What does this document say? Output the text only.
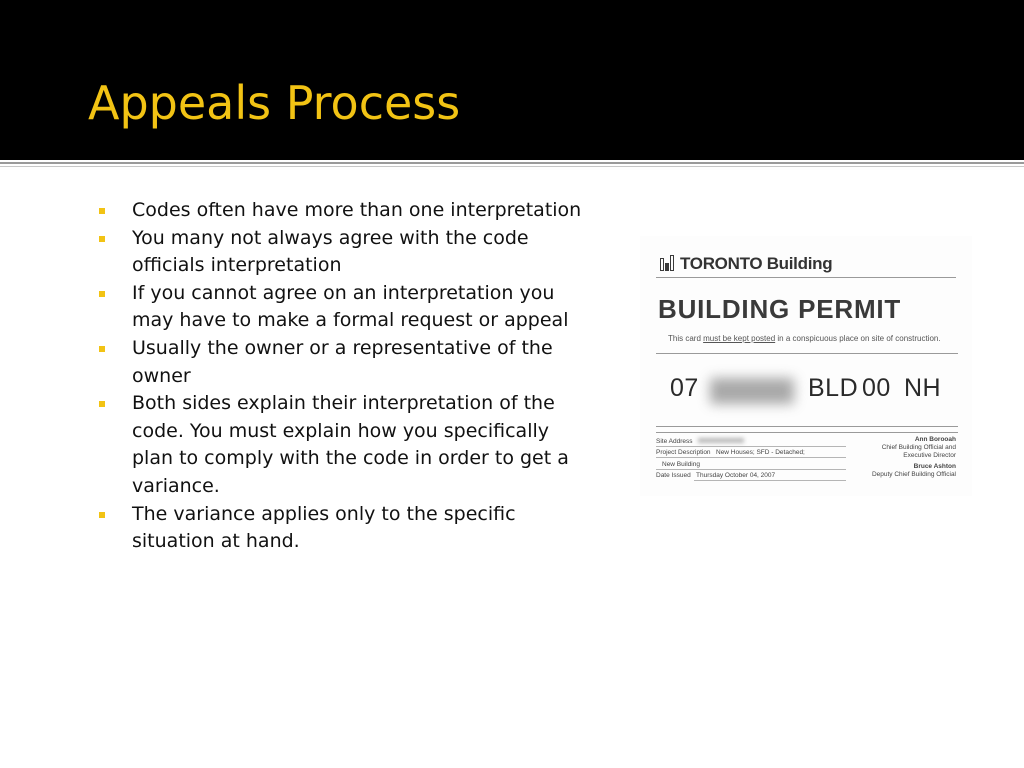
Appeals Process
Codes often have more than one interpretation
You many not always agree with the code officials interpretation
If you cannot agree on an interpretation you may have to make a formal request or appeal
Usually the owner or a representative of the owner
Both sides explain their interpretation of the code. You must explain how you specifically plan to comply with the code in order to get a variance.
The variance applies only to the specific situation at hand.
TORONTO Building
BUILDING PERMIT
This card must be kept posted in a conspicuous place on site of construction.
07	BLD 00 NH
Site Address
Project Description New Houses; SFD - Detached;
New Building
Date Issued Thursday October 04, 2007
Ann Borooah
Chief Building Official and
Executive Director
Bruce Ashton
Deputy Chief Building Official
